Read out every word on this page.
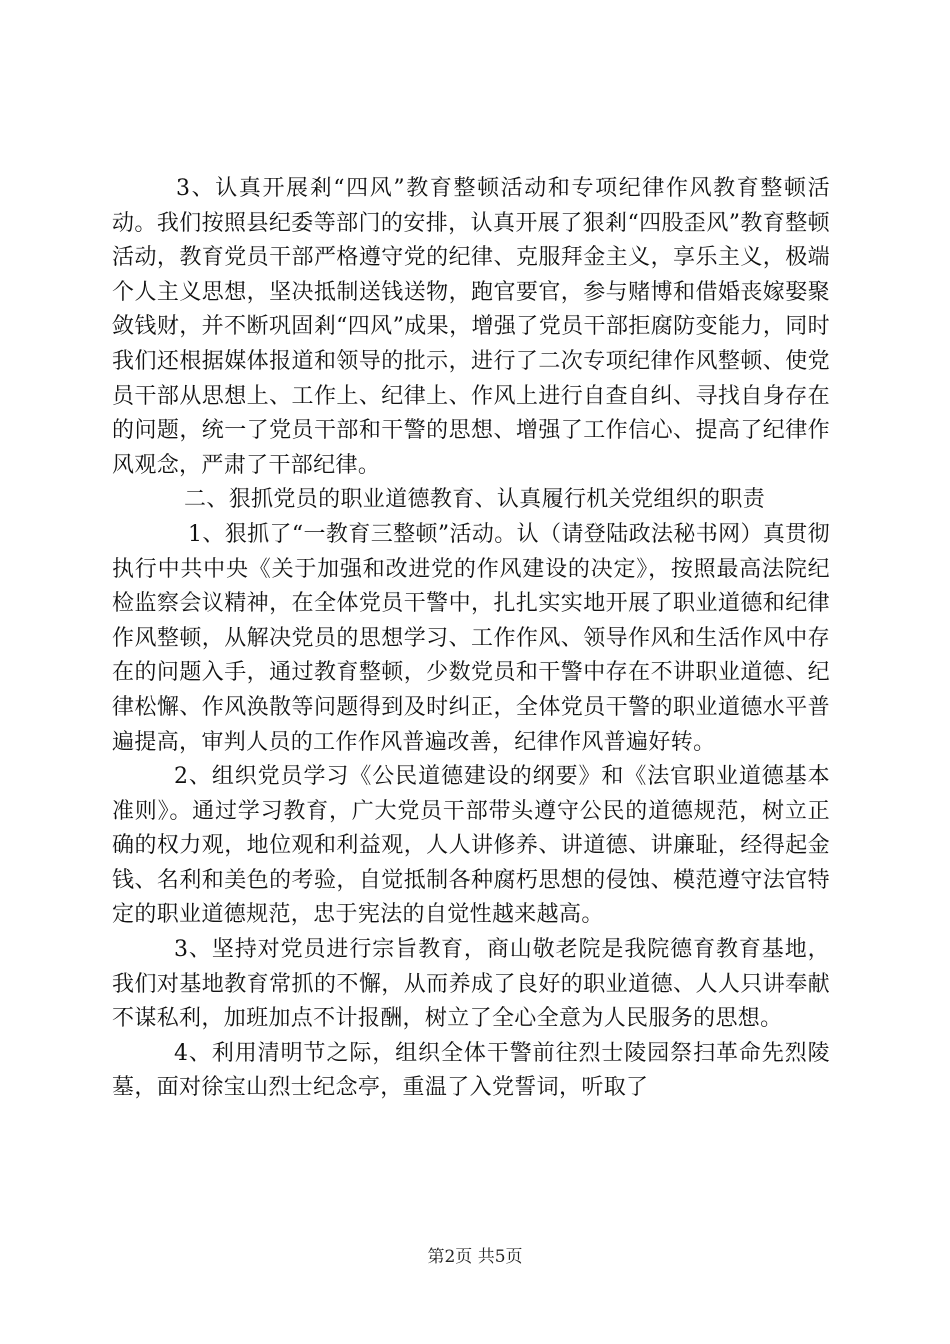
3、认真开展剎“四风”教育整顿活动和专项纪律作风教育整顿活动。我们按照县纪委等部门的安排，认真开展了狠剎“四股歪风”教育整顿活动，教育党员干部严格遵守党的纪律、克服拜金主义，享乐主义，极端个人主义思想，坚决抵制送钱送物，跑官要官，参与赌博和借婚丧嫁娶聚敛钱财，并不断巩固剎“四风”成果，增强了党员干部拒腐防变能力，同时我们还根据媒体报道和领导的批示，进行了二次专项纪律作风整顿、使党员干部从思想上、工作上、纪律上、作风上进行自查自纠、寻找自身存在的问题，统一了党员干部和干警的思想、增强了工作信心、提高了纪律作风观念，严肃了干部纪律。

二、狠抓党员的职业道德教育、认真履行机关党组织的职责

1、狠抓了“一教育三整顿”活动。认（请登陆政法秘书网）真贯彻执行中共中央《关于加强和改进党的作风建设的决定》，按照最高法院纪检监察会议精神，在全体党员干警中，扎扎实实地开展了职业道德和纪律作风整顿，从解决党员的思想学习、工作作风、领导作风和生活作风中存在的问题入手，通过教育整顿，少数党员和干警中存在不讲职业道德、纪律松懈、作风涣散等问题得到及时纠正，全体党员干警的职业道德水平普遍提高，审判人员的工作作风普遍改善，纪律作风普遍好转。

2、组织党员学习《公民道德建设的纲要》和《法官职业道德基本准则》。通过学习教育，广大党员干部带头遵守公民的道德规范，树立正确的权力观，地位观和利益观，人人讲修养、讲道德、讲廉耻，经得起金钱、名利和美色的考验，自觉抵制各种腐朽思想的侵蚀、模范遵守法官特定的职业道德规范，忠于宪法的自觉性越来越高。

3、坚持对党员进行宗旨教育，商山敬老院是我院德育教育基地，我们对基地教育常抓的不懈，从而养成了良好的职业道德、人人只讲奉献不谋私利，加班加点不计报酬，树立了全心全意为人民服务的思想。

4、利用清明节之际，组织全体干警前往烈士陵园祭扫革命先烈陵墓，面对徐宝山烈士纪念亭，重温了入党誓词，听取了

第2页 共5页
